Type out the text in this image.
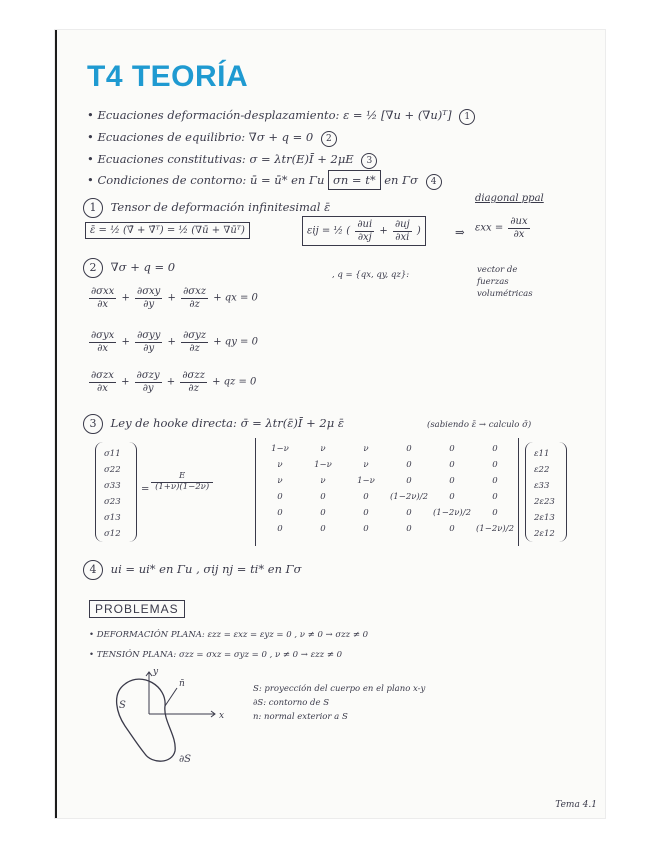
T4 TEORÍA
• Ecuaciones deformación-desplazamiento: ε = ½ [∇u + (∇u)ᵀ] 1
• Ecuaciones de equilibrio: ∇σ + q = 0 2
• Ecuaciones constitutivas: σ = λtr(E)Ī + 2μE 3
• Condiciones de contorno: ū = ū* en Γu σn = t* en Γσ 4
1 Tensor de deformación infinitesimal ε̄
diagonal ppal
ε̄ = ½ (∇̄ + ∇̄ᵀ) = ½ (∇ū + ∇ūᵀ)	εij = ½ ( $\frac{\partial ui}{\partial xj} + \frac{\partial uj}{\partial xi}$ )	⇒ $\varepsilon xx = \frac{\partial ux}{\partial x}$
2 ∇σ + q = 0
, q = {qx, qy, qz}:	vector de
fuerzas
volumétricas
$\frac{\text{∂σxx}}{\partial x} + \frac{\text{∂σxy}}{\partial y} + \frac{\text{∂σxz}}{\partial z}$ + qx = 0
$\frac{\text{∂σyx}}{\partial x} + \frac{\text{∂σyy}}{\partial y} + \frac{\text{∂σyz}}{\partial z}$ + qy = 0
$\frac{\text{∂σzx}}{\partial x} + \frac{\text{∂σzy}}{\partial y} + \frac{\text{∂σzz}}{\partial z}$ + qz = 0
3 Ley de hooke directa: σ̄ = λtr(ε̄)Ī + 2μ ε̄	(sabiendo ε̄ → calculo σ̄)
σ11
σ22
σ33
σ23
σ13
σ12
= $\frac{E}{(1+\nu)(1-2\nu)}$
1−ν	ν	ν	0	0	0
ν	1−ν	ν	0	0	0
ν	ν	1−ν	0	0	0
0	0	0	(1−2ν)/2	0	0
0	0	0	0	(1−2ν)/2	0
0	0	0	0	0	(1−2ν)/2
ε11
ε22
ε33
2ε23
2ε13
2ε12
4 ui = ui* en Γu , σij nj = ti* en Γσ
PROBLEMAS
• DEFORMACIÓN PLANA: εzz = εxz = εyz = 0 , ν ≠ 0 → σzz ≠ 0
• TENSIÓN PLANA: σzz = σxz = σyz = 0 , ν ≠ 0 → εzz ≠ 0
S
∂S
x
y
n̄	S: proyección del cuerpo en el plano x-y
∂S: contorno de S
n: normal exterior a S
Tema 4.1
